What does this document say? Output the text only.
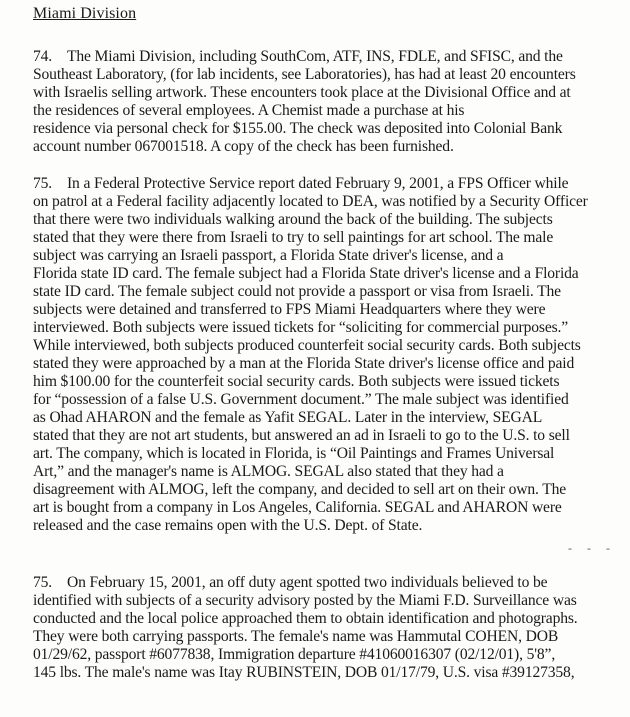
Miami Division
74. The Miami Division, including SouthCom, ATF, INS, FDLE, and SFISC, and the
Southeast Laboratory, (for lab incidents, see Laboratories), has had at least 20 encounters
with Israelis selling artwork. These encounters took place at the Divisional Office and at
the residences of several employees. A Chemist made a purchase at his
residence via personal check for $155.00. The check was deposited into Colonial Bank
account number 067001518. A copy of the check has been furnished.
75. In a Federal Protective Service report dated February 9, 2001, a FPS Officer while
on patrol at a Federal facility adjacently located to DEA, was notified by a Security Officer
that there were two individuals walking around the back of the building. The subjects
stated that they were there from Israeli to try to sell paintings for art school. The male
subject was carrying an Israeli passport, a Florida State driver's license, and a
Florida state ID card. The female subject had a Florida State driver's license and a Florida
state ID card. The female subject could not provide a passport or visa from Israeli. The
subjects were detained and transferred to FPS Miami Headquarters where they were
interviewed. Both subjects were issued tickets for “soliciting for commercial purposes.”
While interviewed, both subjects produced counterfeit social security cards. Both subjects
stated they were approached by a man at the Florida State driver's license office and paid
him $100.00 for the counterfeit social security cards. Both subjects were issued tickets
for “possession of a false U.S. Government document.” The male subject was identified
as Ohad AHARON and the female as Yafit SEGAL. Later in the interview, SEGAL
stated that they are not art students, but answered an ad in Israeli to go to the U.S. to sell
art. The company, which is located in Florida, is “Oil Paintings and Frames Universal
Art,” and the manager's name is ALMOG. SEGAL also stated that they had a
disagreement with ALMOG, left the company, and decided to sell art on their own. The
art is bought from a company in Los Angeles, California. SEGAL and AHARON were
released and the case remains open with the U.S. Dept. of State.
- - -
75. On February 15, 2001, an off duty agent spotted two individuals believed to be
identified with subjects of a security advisory posted by the Miami F.D. Surveillance was
conducted and the local police approached them to obtain identification and photographs.
They were both carrying passports. The female's name was Hammutal COHEN, DOB
01/29/62, passport #6077838, Immigration departure #41060016307 (02/12/01), 5'8”,
145 lbs. The male's name was Itay RUBINSTEIN, DOB 01/17/79, U.S. visa #39127358,
